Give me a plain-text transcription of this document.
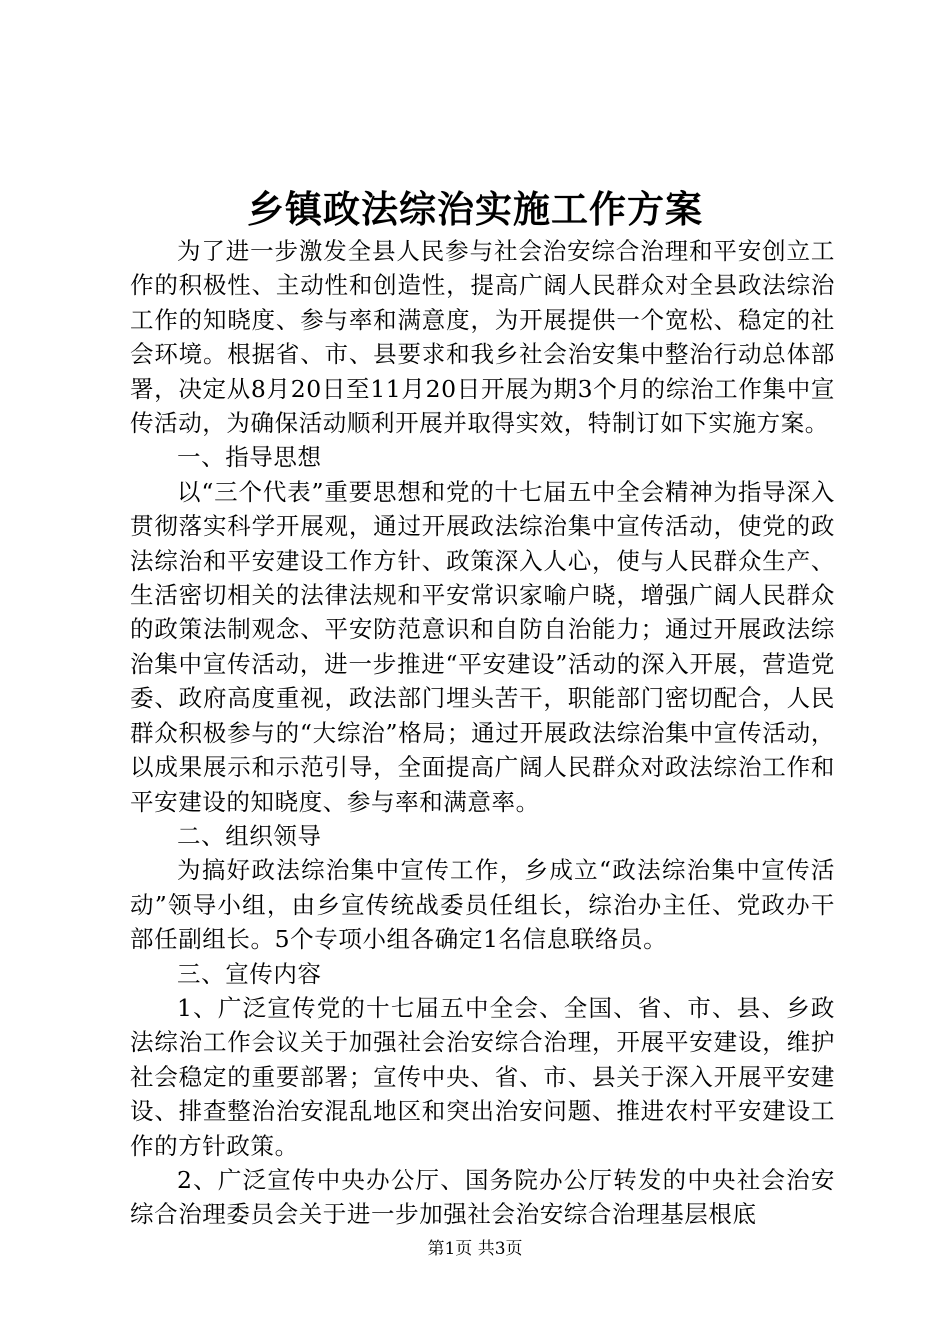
乡镇政法综治实施工作方案

为了进一步激发全县人民参与社会治安综合治理和平安创立工作的积极性、主动性和创造性，提高广阔人民群众对全县政法综治工作的知晓度、参与率和满意度，为开展提供一个宽松、稳定的社会环境。根据省、市、县要求和我乡社会治安集中整治行动总体部署，决定从8月20日至11月20日开展为期3个月的综治工作集中宣传活动，为确保活动顺利开展并取得实效，特制订如下实施方案。

一、指导思想

以“三个代表”重要思想和党的十七届五中全会精神为指导深入贯彻落实科学开展观，通过开展政法综治集中宣传活动，使党的政法综治和平安建设工作方针、政策深入人心，使与人民群众生产、生活密切相关的法律法规和平安常识家喻户晓，增强广阔人民群众的政策法制观念、平安防范意识和自防自治能力；通过开展政法综治集中宣传活动，进一步推进“平安建设”活动的深入开展，营造党委、政府高度重视，政法部门埋头苦干，职能部门密切配合，人民群众积极参与的“大综治”格局；通过开展政法综治集中宣传活动，以成果展示和示范引导，全面提高广阔人民群众对政法综治工作和平安建设的知晓度、参与率和满意率。

二、组织领导

为搞好政法综治集中宣传工作，乡成立“政法综治集中宣传活动”领导小组，由乡宣传统战委员任组长，综治办主任、党政办干部任副组长。5个专项小组各确定1名信息联络员。

三、宣传内容

1、广泛宣传党的十七届五中全会、全国、省、市、县、乡政法综治工作会议关于加强社会治安综合治理，开展平安建设，维护社会稳定的重要部署；宣传中央、省、市、县关于深入开展平安建设、排查整治治安混乱地区和突出治安问题、推进农村平安建设工作的方针政策。

2、广泛宣传中央办公厅、国务院办公厅转发的中央社会治安综合治理委员会关于进一步加强社会治安综合治理基层根底

第1页 共3页
